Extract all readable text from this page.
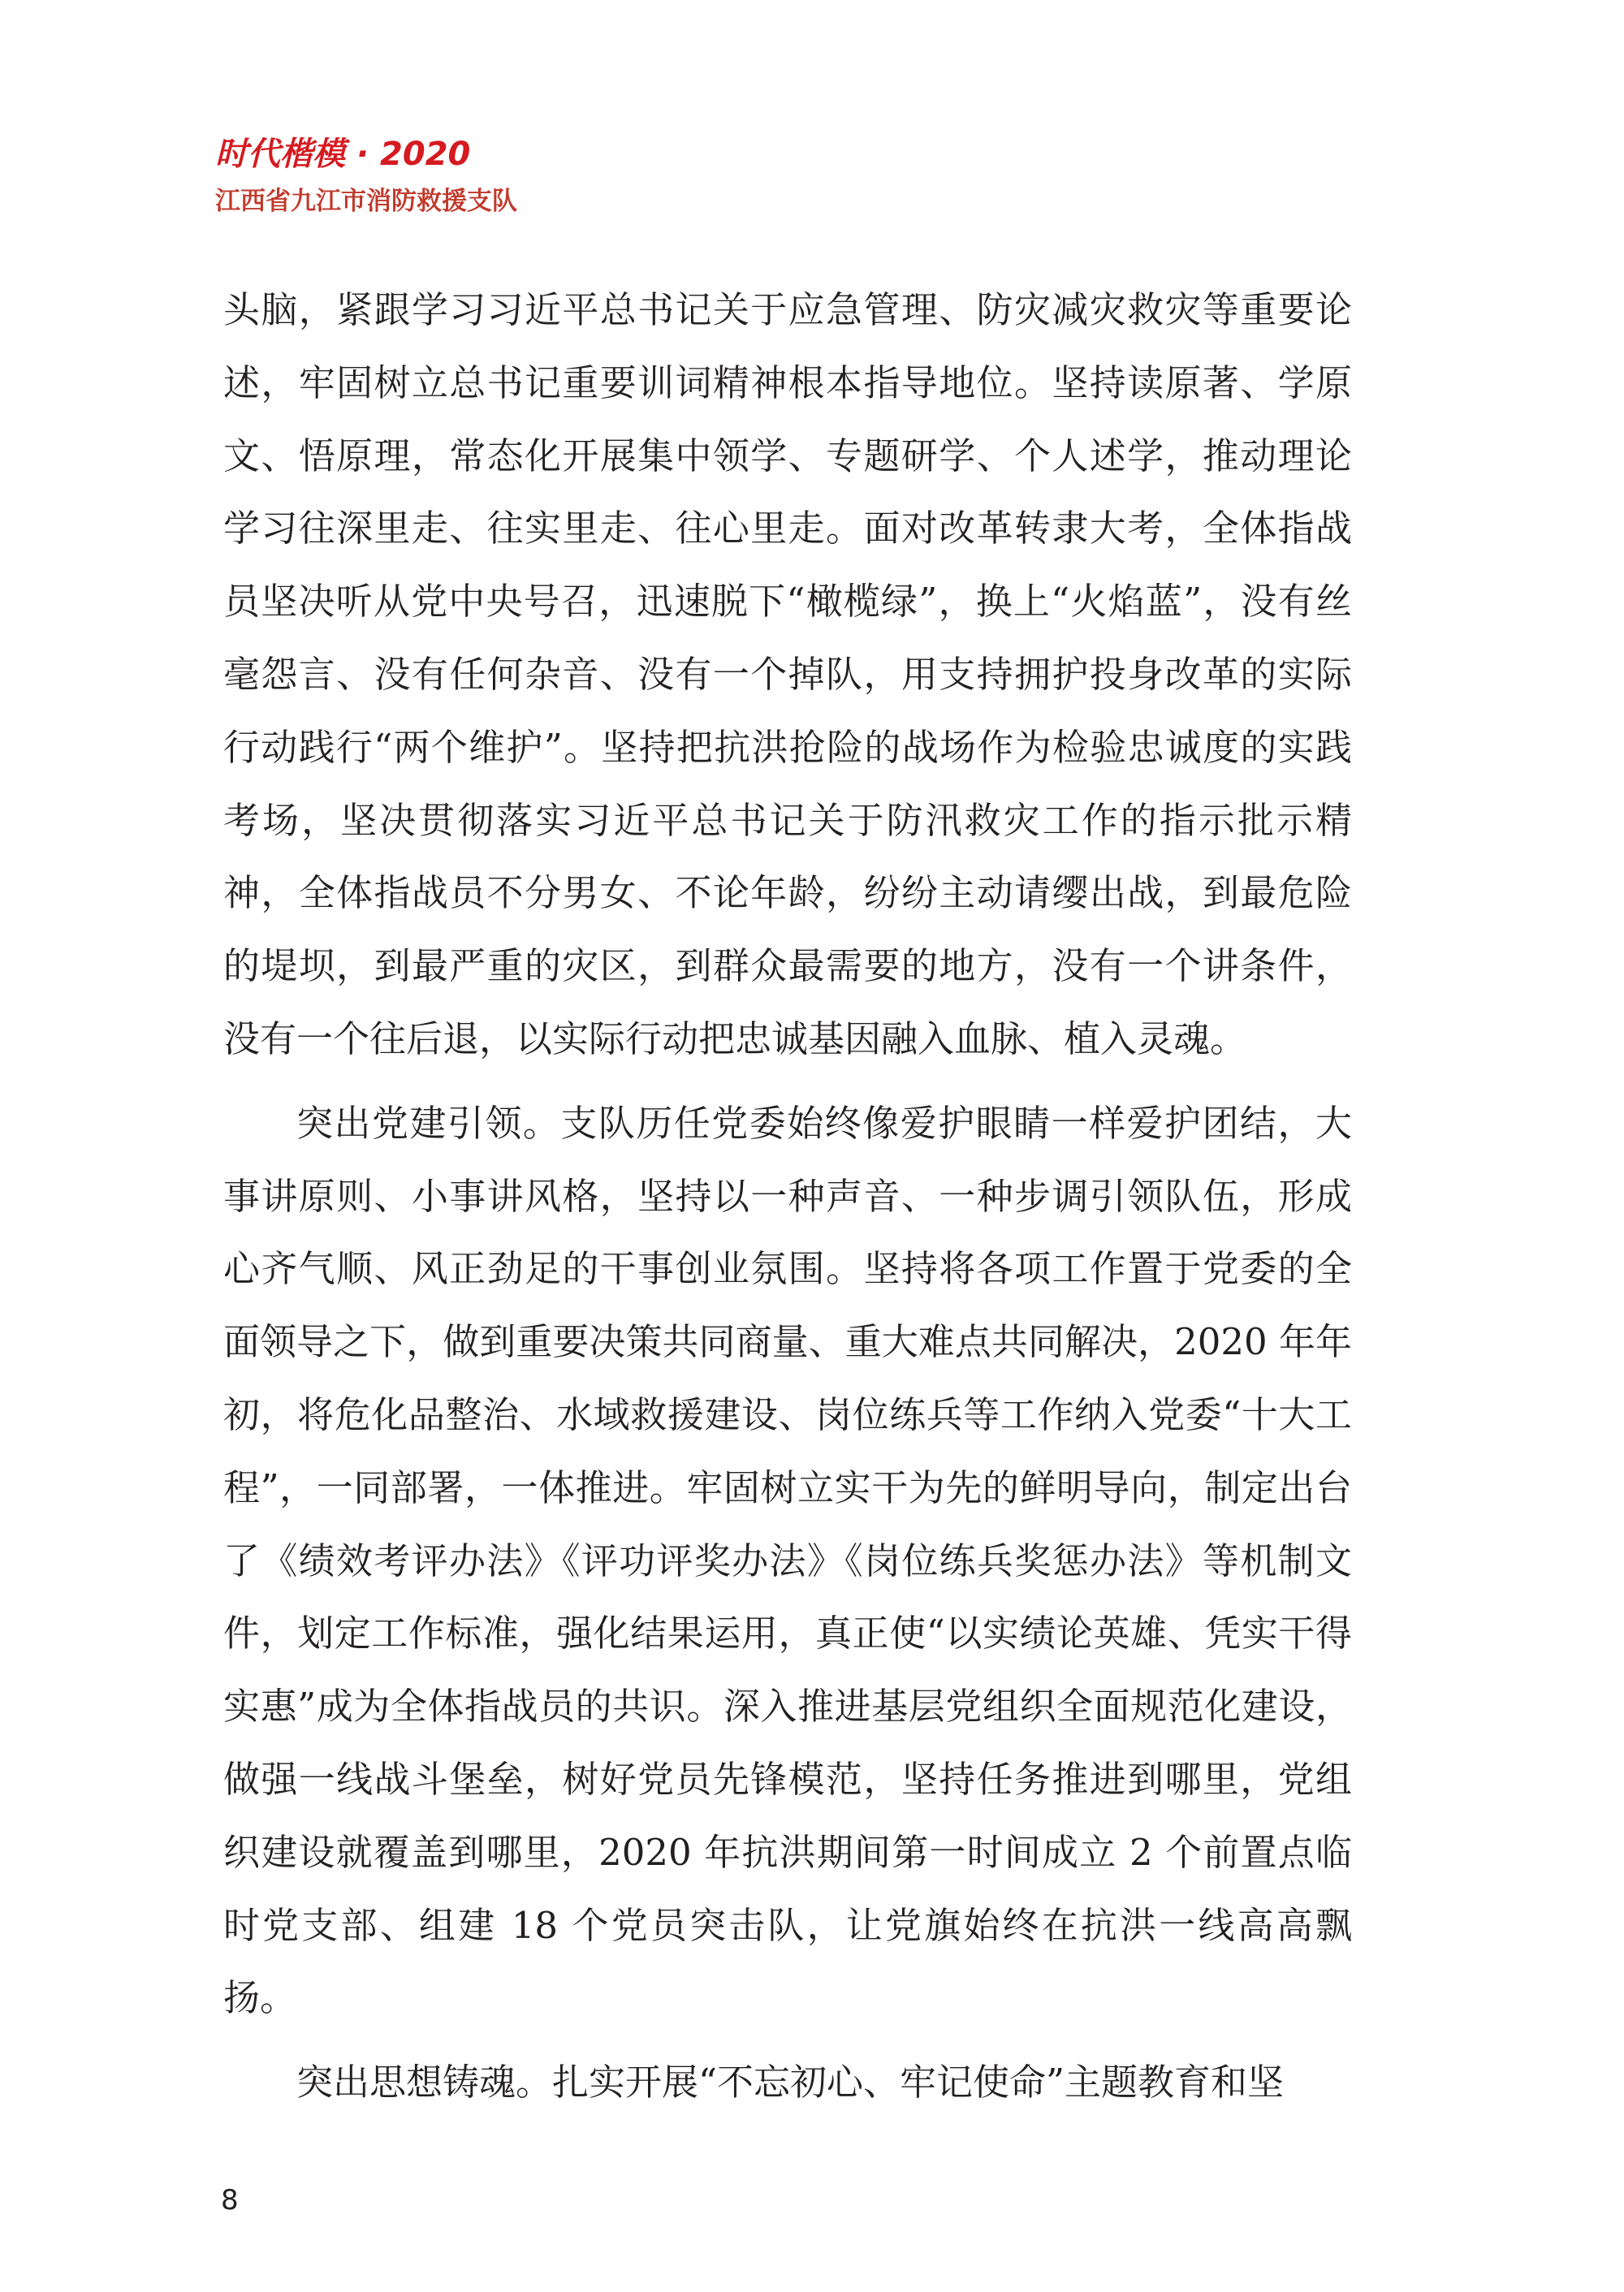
时代楷模 · 2020
江西省九江市消防救援支队

头脑，紧跟学习习近平总书记关于应急管理、防灾减灾救灾等重要论述，牢固树立总书记重要训词精神根本指导地位。坚持读原著、学原文、悟原理，常态化开展集中领学、专题研学、个人述学，推动理论学习往深里走、往实里走、往心里走。面对改革转隶大考，全体指战员坚决听从党中央号召，迅速脱下“橄榄绿”，换上“火焰蓝”，没有丝毫怨言、没有任何杂音、没有一个掉队，用支持拥护投身改革的实际行动践行“两个维护”。坚持把抗洪抢险的战场作为检验忠诚度的实践考场，坚决贯彻落实习近平总书记关于防汛救灾工作的指示批示精神，全体指战员不分男女、不论年龄，纷纷主动请缨出战，到最危险的堤坝，到最严重的灾区，到群众最需要的地方，没有一个讲条件，没有一个往后退，以实际行动把忠诚基因融入血脉、植入灵魂。

突出党建引领。支队历任党委始终像爱护眼睛一样爱护团结，大事讲原则、小事讲风格，坚持以一种声音、一种步调引领队伍，形成心齐气顺、风正劲足的干事创业氛围。坚持将各项工作置于党委的全面领导之下，做到重要决策共同商量、重大难点共同解决，2020 年年初，将危化品整治、水域救援建设、岗位练兵等工作纳入党委“十大工程”，一同部署，一体推进。牢固树立实干为先的鲜明导向，制定出台了《绩效考评办法》《评功评奖办法》《岗位练兵奖惩办法》等机制文件，划定工作标准，强化结果运用，真正使“以实绩论英雄、凭实干得实惠”成为全体指战员的共识。深入推进基层党组织全面规范化建设，做强一线战斗堡垒，树好党员先锋模范，坚持任务推进到哪里，党组织建设就覆盖到哪里，2020 年抗洪期间第一时间成立 2 个前置点临时党支部、组建 18 个党员突击队，让党旗始终在抗洪一线高高飘扬。

突出思想铸魂。扎实开展“不忘初心、牢记使命”主题教育和坚

8
